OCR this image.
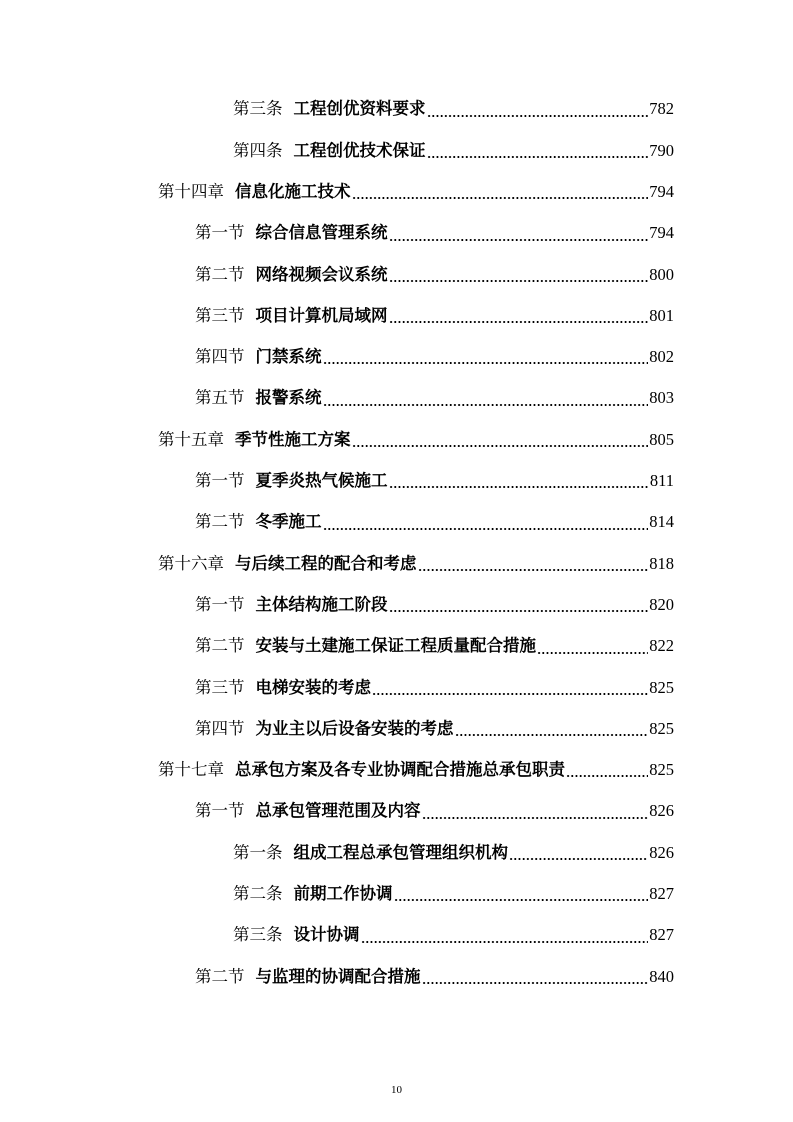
第三条 工程创优资料要求	782
第四条 工程创优技术保证	790
第十四章 信息化施工技术	794
第一节 综合信息管理系统	794
第二节 网络视频会议系统	800
第三节 项目计算机局域网	801
第四节 门禁系统	802
第五节 报警系统	803
第十五章 季节性施工方案	805
第一节 夏季炎热气候施工	811
第二节 冬季施工	814
第十六章 与后续工程的配合和考虑	818
第一节 主体结构施工阶段	820
第二节 安装与土建施工保证工程质量配合措施	822
第三节 电梯安装的考虑	825
第四节 为业主以后设备安装的考虑	825
第十七章 总承包方案及各专业协调配合措施总承包职责	825
第一节 总承包管理范围及内容	826
第一条 组成工程总承包管理组织机构	826
第二条 前期工作协调	827
第三条 设计协调	827
第二节 与监理的协调配合措施	840
10
